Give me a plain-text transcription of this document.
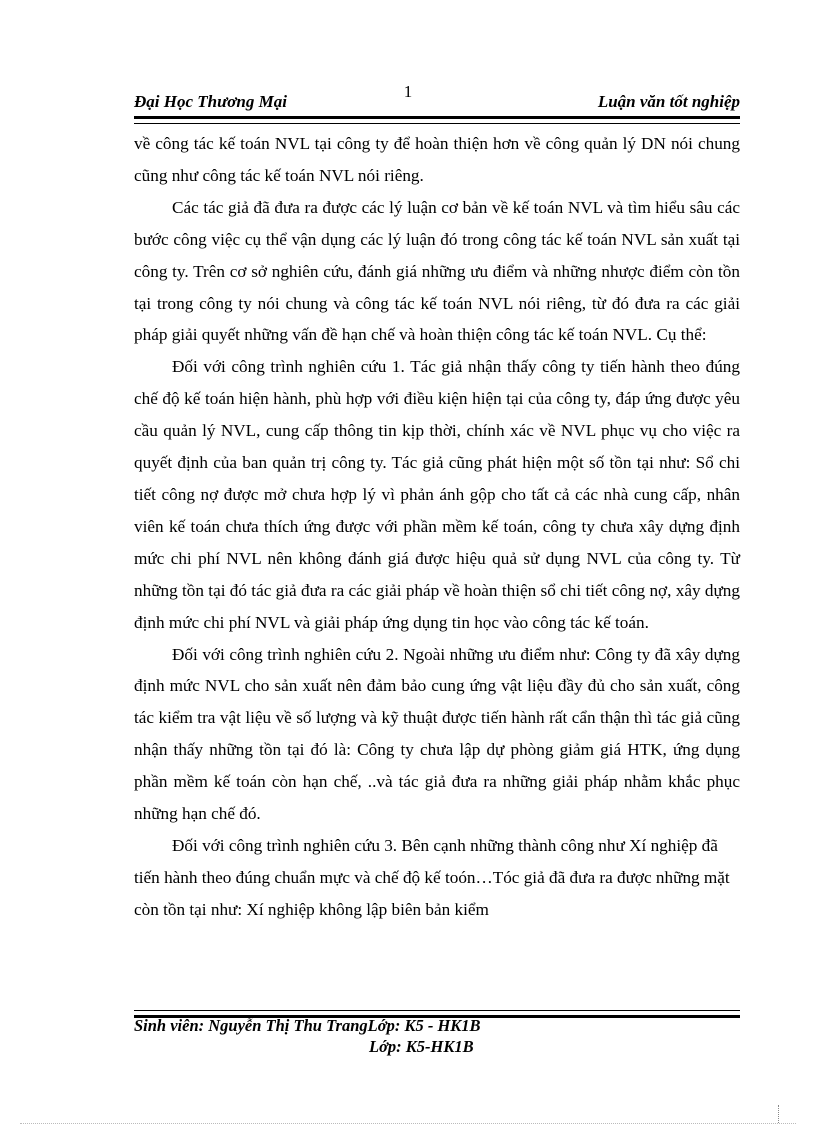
1
Đại Học Thương Mại	Luận văn tốt nghiệp

về công tác kế toán NVL tại công ty để hoàn thiện hơn về công quản lý DN nói chung cũng như công tác kế toán NVL nói riêng.

Các tác giả đã đưa ra được các lý luận cơ bản về kế toán NVL và tìm hiểu sâu các bước công việc cụ thể vận dụng các lý luận đó trong công tác kế toán NVL sản xuất tại công ty. Trên cơ sở nghiên cứu, đánh giá những ưu điểm và những nhược điểm còn tồn tại trong công ty nói chung và công tác kế toán NVL nói riêng, từ đó đưa ra các giải pháp giải quyết những vấn đề hạn chế và hoàn thiện công tác kế toán NVL. Cụ thể:

Đối với công trình nghiên cứu 1. Tác giả nhận thấy công ty tiến hành theo đúng chế độ kế toán hiện hành, phù hợp với điều kiện hiện tại của công ty, đáp ứng được yêu cầu quản lý NVL, cung cấp thông tin kịp thời, chính xác về NVL phục vụ cho việc ra quyết định của ban quản trị công ty. Tác giả cũng phát hiện một số tồn tại như: Sổ chi tiết công nợ được mở chưa hợp lý vì phản ánh gộp cho tất cả các nhà cung cấp, nhân viên kế toán chưa thích ứng được với phần mềm kế toán, công ty chưa xây dựng định mức chi phí NVL nên không đánh giá được hiệu quả sử dụng NVL của công ty. Từ những tồn tại đó tác giả đưa ra các giải pháp về hoàn thiện sổ chi tiết công nợ, xây dựng định mức chi phí NVL và giải pháp ứng dụng tin học vào công tác kế toán.

Đối với công trình nghiên cứu 2. Ngoài những ưu điểm như: Công ty đã xây dựng định mức NVL cho sản xuất nên đảm bảo cung ứng vật liệu đầy đủ cho sản xuất, công tác kiểm tra vật liệu về số lượng và kỹ thuật được tiến hành rất cẩn thận thì tác giả cũng nhận thấy những tồn tại đó là: Công ty chưa lập dự phòng giảm giá HTK, ứng dụng phần mềm kế toán còn hạn chế, ..và tác giả đưa ra những giải pháp nhằm khắc phục những hạn chế đó.

Đối với công trình nghiên cứu 3. Bên cạnh những thành công như Xí nghiệp đã tiến hành theo đúng chuẩn mực và chế độ kế toón…Tóc giả đã đưa ra được những mặt còn tồn tại như: Xí nghiệp không lập biên bản kiểm

Sinh viên: Nguyễn Thị Thu TrangLớp: K5 - HK1B
Lớp: K5-HK1B
